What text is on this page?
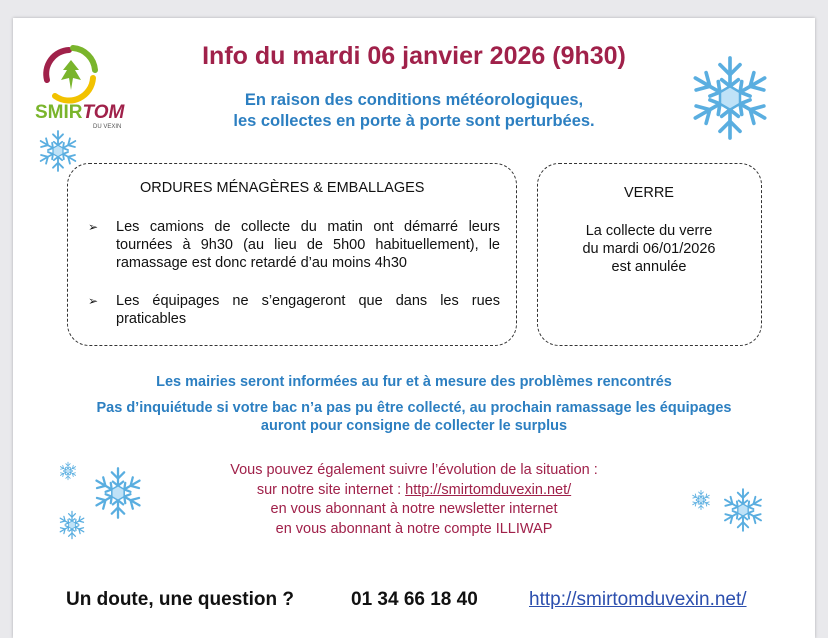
SMIRTOM
DU VEXIN
Info du mardi 06 janvier 2026 (9h30)
En raison des conditions météorologiques,
les collectes en porte à porte sont perturbées.
ORDURES MÉNAGÈRES & EMBALLAGES
➢ Les camions de collecte du matin ont démarré leurs tournées à 9h30 (au lieu de 5h00 habituellement), le ramassage est donc retardé d’au moins 4h30
➢ Les équipages ne s’engageront que dans les rues praticables
VERRE
La collecte du verre
du mardi 06/01/2026
est annulée
Les mairies seront informées au fur et à mesure des problèmes rencontrés
Pas d’inquiétude si votre bac n’a pas pu être collecté, au prochain ramassage les équipages
auront pour consigne de collecter le surplus
Vous pouvez également suivre l’évolution de la situation :
sur notre site internet : http://smirtomduvexin.net/
en vous abonnant à notre newsletter internet
en vous abonnant à notre compte ILLIWAP
Un doute, une question ?	01 34 66 18 40	http://smirtomduvexin.net/
